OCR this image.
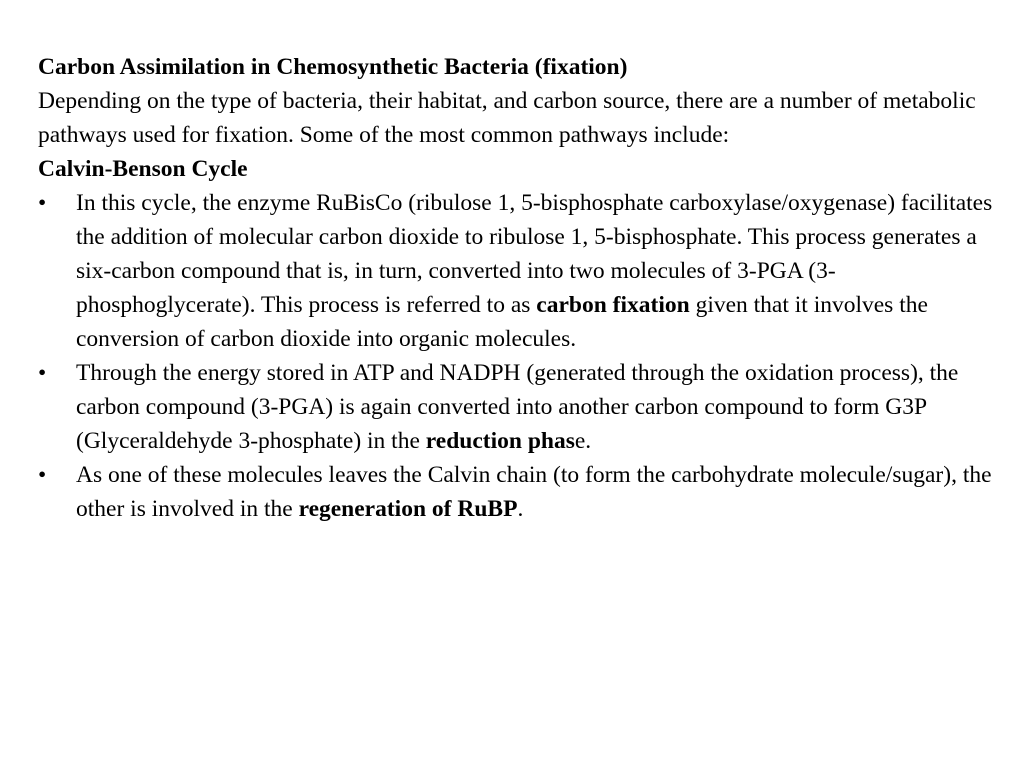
Carbon Assimilation in Chemosynthetic Bacteria (fixation)

Depending on the type of bacteria, their habitat, and carbon source, there are a number of metabolic pathways used for fixation. Some of the most common pathways include:

Calvin-Benson Cycle

•	In this cycle, the enzyme RuBisCo (ribulose 1, 5-bisphosphate carboxylase/oxygenase) facilitates the addition of molecular carbon dioxide to ribulose 1, 5-bisphosphate. This process generates a six-carbon compound that is, in turn, converted into two molecules of 3-PGA (3-phosphoglycerate). This process is referred to as carbon fixation given that it involves the conversion of carbon dioxide into organic molecules.
•	Through the energy stored in ATP and NADPH (generated through the oxidation process), the carbon compound (3-PGA) is again converted into another carbon compound to form G3P (Glyceraldehyde 3-phosphate) in the reduction phase.
•	As one of these molecules leaves the Calvin chain (to form the carbohydrate molecule/sugar), the other is involved in the regeneration of RuBP.
